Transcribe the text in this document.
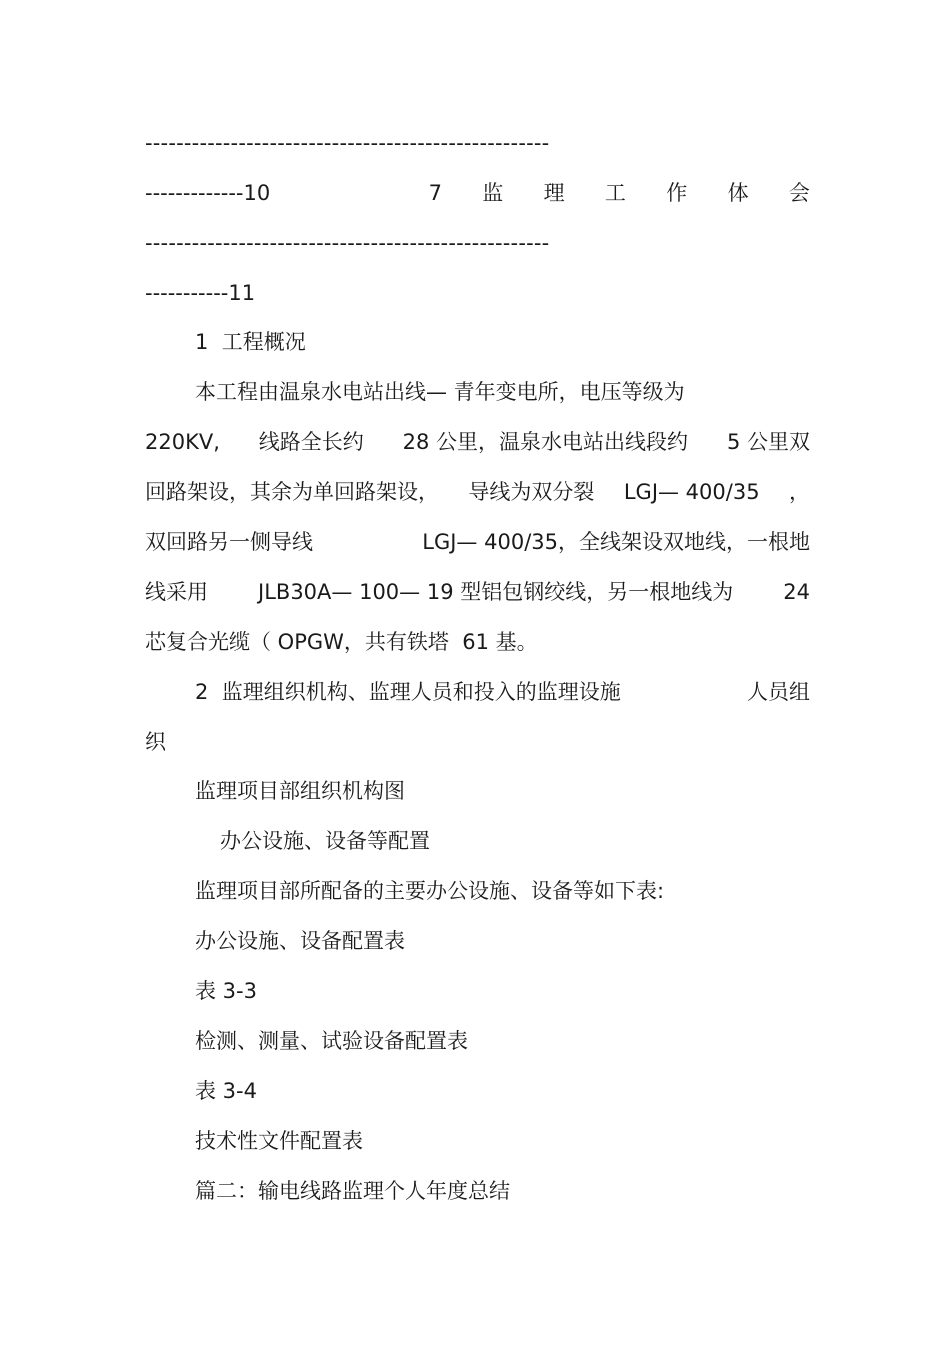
----------------------------------------------------
-------------10	7 监 理 工 作 体 会
----------------------------------------------------
-----------11
1  工程概况
本工程由温泉水电站出线— 青年变电所，电压等级为
220KV, 线路全长约 28 公里，温泉水电站出线段约 5 公里双
回路架设，其余为单回路架设， 导线为双分裂 LGJ— 400/35 ，
双回路另一侧导线	LGJ— 400/35，全线架设双地线，一根地
线采用 JLB30A— 100— 19 型铝包钢绞线，另一根地线为 24
芯复合光缆（ OPGW，共有铁塔  61 基。
2  监理组织机构、监理人员和投入的监理设施	人员组
织
监理项目部组织机构图
办公设施、设备等配置
监理项目部所配备的主要办公设施、设备等如下表:
办公设施、设备配置表
表 3-3
检测、测量、试验设备配置表
表 3-4
技术性文件配置表
篇二：输电线路监理个人年度总结
